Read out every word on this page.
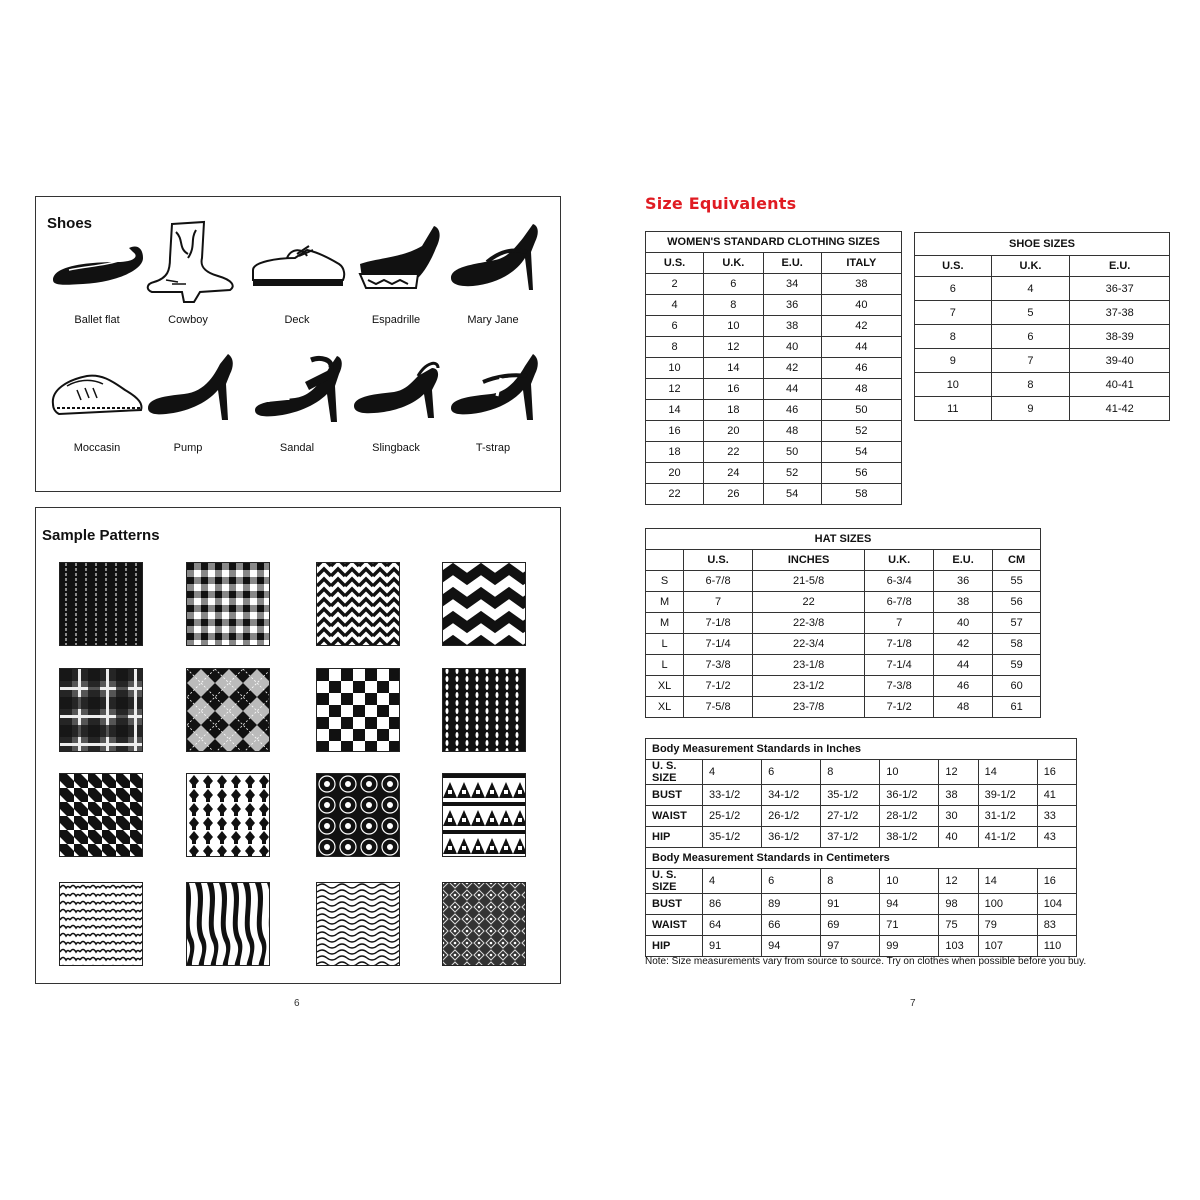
Shoes
Ballet flat	Cowboy	Deck	Espadrille	Mary Jane
Moccasin	Pump	Sandal	Slingback	T-strap
Sample Patterns
6
Size Equivalents
WOMEN'S STANDARD CLOTHING SIZES			
U.S.	U.K.	E.U.	ITALY
2	6	34	38
4	8	36	40
6	10	38	42
8	12	40	44
10	14	42	46
12	16	44	48
14	18	46	50
16	20	48	52
18	22	50	54
20	24	52	56
22	26	54	58
SHOE SIZES		
U.S.	U.K.	E.U.
6	4	36-37
7	5	37-38
8	6	38-39
9	7	39-40
10	8	40-41
11	9	41-42
HAT SIZES					
	U.S.	INCHES	U.K.	E.U.	CM
S	6-7/8	21-5/8	6-3/4	36	55
M	7	22	6-7/8	38	56
M	7-1/8	22-3/8	7	40	57
L	7-1/4	22-3/4	7-1/8	42	58
L	7-3/8	23-1/8	7-1/4	44	59
XL	7-1/2	23-1/2	7-3/8	46	60
XL	7-5/8	23-7/8	7-1/2	48	61
Body Measurement Standards in Inches							
U. S. SIZE	4	6	8	10	12	14	16
BUST	33-1/2	34-1/2	35-1/2	36-1/2	38	39-1/2	41
WAIST	25-1/2	26-1/2	27-1/2	28-1/2	30	31-1/2	33
HIP	35-1/2	36-1/2	37-1/2	38-1/2	40	41-1/2	43
Body Measurement Standards in Centimeters							
U. S. SIZE	4	6	8	10	12	14	16
BUST	86	89	91	94	98	100	104
WAIST	64	66	69	71	75	79	83
HIP	91	94	97	99	103	107	110
Note: Size measurements vary from source to source. Try on clothes when possible before you buy.
7
